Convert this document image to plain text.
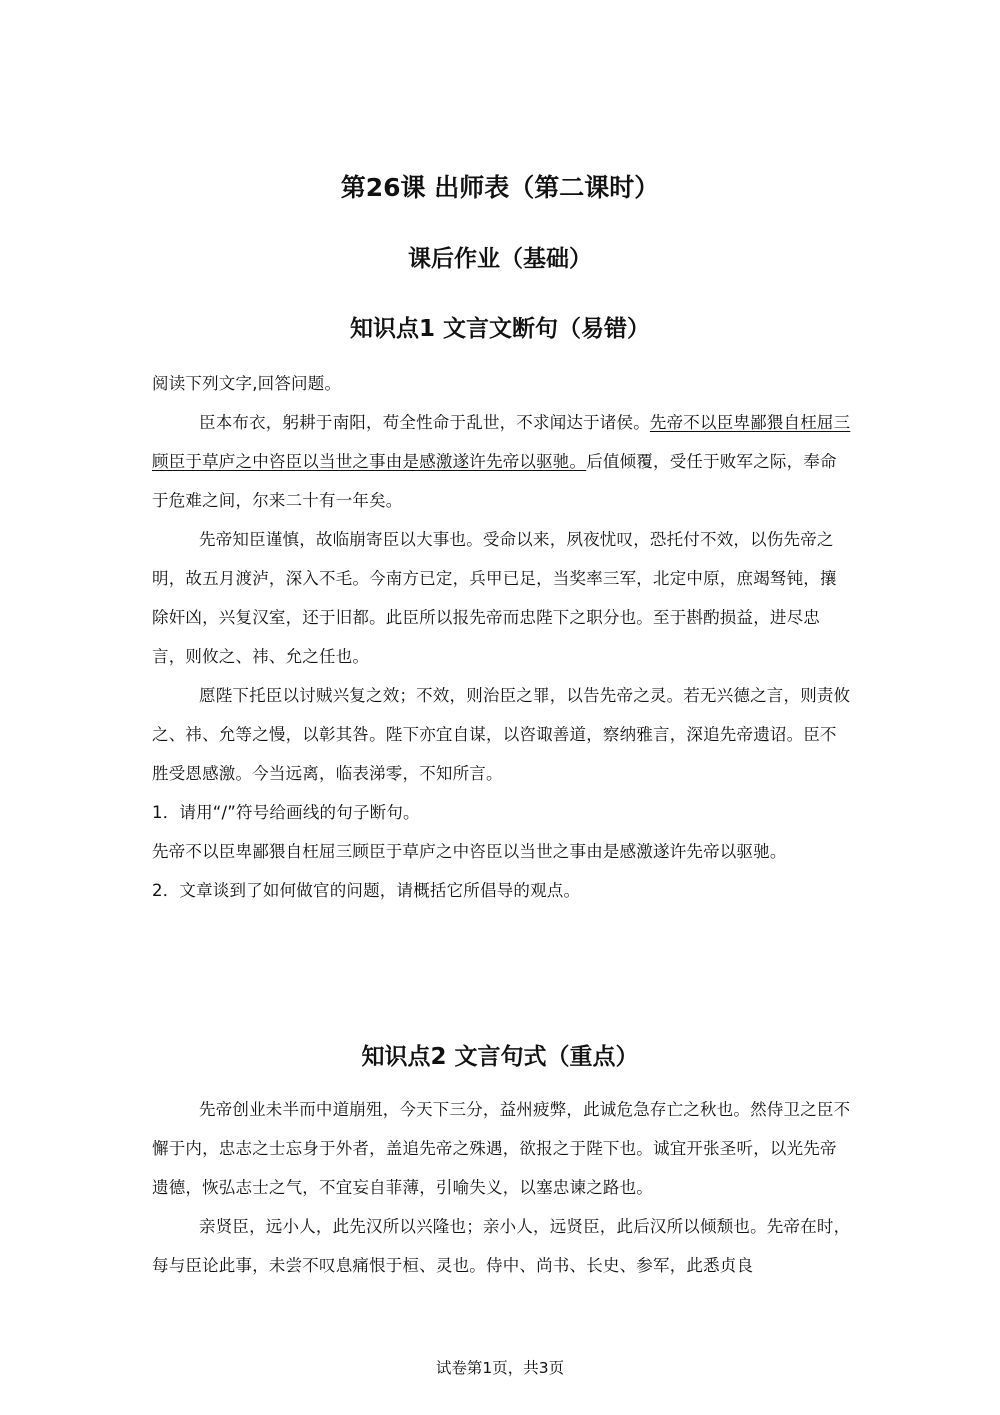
第26课 出师表（第二课时）
课后作业（基础）
知识点1 文言文断句（易错）
阅读下列文字,回答问题。
臣本布衣，躬耕于南阳，苟全性命于乱世，不求闻达于诸侯。先帝不以臣卑鄙猥自枉屈三顾臣于草庐之中咨臣以当世之事由是感激遂许先帝以驱驰。后值倾覆，受任于败军之际，奉命于危难之间，尔来二十有一年矣。
先帝知臣谨慎，故临崩寄臣以大事也。受命以来，夙夜忧叹，恐托付不效，以伤先帝之明，故五月渡泸，深入不毛。今南方已定，兵甲已足，当奖率三军，北定中原，庶竭驽钝，攘除奸凶，兴复汉室，还于旧都。此臣所以报先帝而忠陛下之职分也。至于斟酌损益，进尽忠言，则攸之、祎、允之任也。
愿陛下托臣以讨贼兴复之效；不效，则治臣之罪，以告先帝之灵。若无兴德之言，则责攸之、祎、允等之慢，以彰其咎。陛下亦宜自谋，以咨诹善道，察纳雅言，深追先帝遗诏。臣不胜受恩感激。今当远离，临表涕零，不知所言。
1．请用“/”符号给画线的句子断句。
先帝不以臣卑鄙猥自枉屈三顾臣于草庐之中咨臣以当世之事由是感激遂许先帝以驱驰。
2．文章谈到了如何做官的问题，请概括它所倡导的观点。
知识点2 文言句式（重点）
先帝创业未半而中道崩殂，今天下三分，益州疲弊，此诚危急存亡之秋也。然侍卫之臣不懈于内，忠志之士忘身于外者，盖追先帝之殊遇，欲报之于陛下也。诚宜开张圣听，以光先帝遗德，恢弘志士之气，不宜妄自菲薄，引喻失义，以塞忠谏之路也。
亲贤臣，远小人，此先汉所以兴隆也；亲小人，远贤臣，此后汉所以倾颓也。先帝在时，每与臣论此事，未尝不叹息痛恨于桓、灵也。侍中、尚书、长史、参军，此悉贞良
试卷第1页，共3页
